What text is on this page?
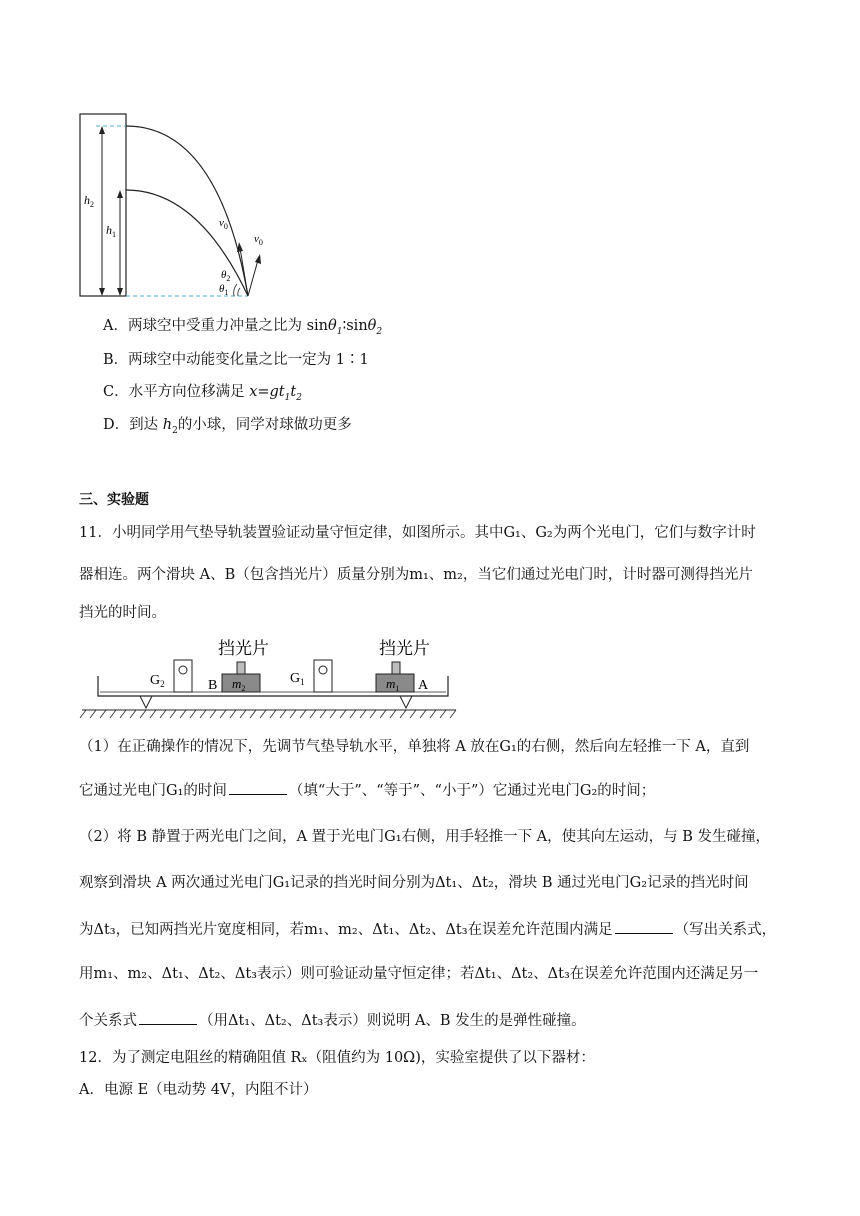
$h_2$
$h_1$
$v_0$
$v_0$
$\theta_2$
$\theta_1$
A．两球空中受重力冲量之比为 sinθ$_1$∶sinθ$_2$
B．两球空中动能变化量之比一定为 1∶1
C．水平方向位移满足 $x=gt_1t_2$
D．到达 $h_2$的小球，同学对球做功更多
三、实验题
11．小明同学用气垫导轨装置验证动量守恒定律，如图所示。其中G₁、G₂为两个光电门，它们与数字计时
器相连。两个滑块 A、B（包含挡光片）质量分别为m₁、m₂，当它们通过光电门时，计时器可测得挡光片
挡光的时间。
挡光片	挡光片
$G_2$	B $m_2$
$G_1$	$m_1$ A
（1）在正确操作的情况下，先调节气垫导轨水平，单独将 A 放在G₁的右侧，然后向左轻推一下 A，直到
它通过光电门G₁的时间	（填“大于”、“等于”、“小于”）它通过光电门G₂的时间；
（2）将 B 静置于两光电门之间，A 置于光电门G₁右侧，用手轻推一下 A，使其向左运动，与 B 发生碰撞，
观察到滑块 A 两次通过光电门G₁记录的挡光时间分别为Δt₁、Δt₂，滑块 B 通过光电门G₂记录的挡光时间
为Δt₃，已知两挡光片宽度相同，若m₁、m₂、Δt₁、Δt₂、Δt₃在误差允许范围内满足	（写出关系式，
用m₁、m₂、Δt₁、Δt₂、Δt₃表示）则可验证动量守恒定律；若Δt₁、Δt₂、Δt₃在误差允许范围内还满足另一
个关系式	（用Δt₁、Δt₂、Δt₃表示）则说明 A、B 发生的是弹性碰撞。
12．为了测定电阻丝的精确阻值 Rₓ（阻值约为 10Ω)，实验室提供了以下器材：
A．电源 E（电动势 4V，内阻不计）
